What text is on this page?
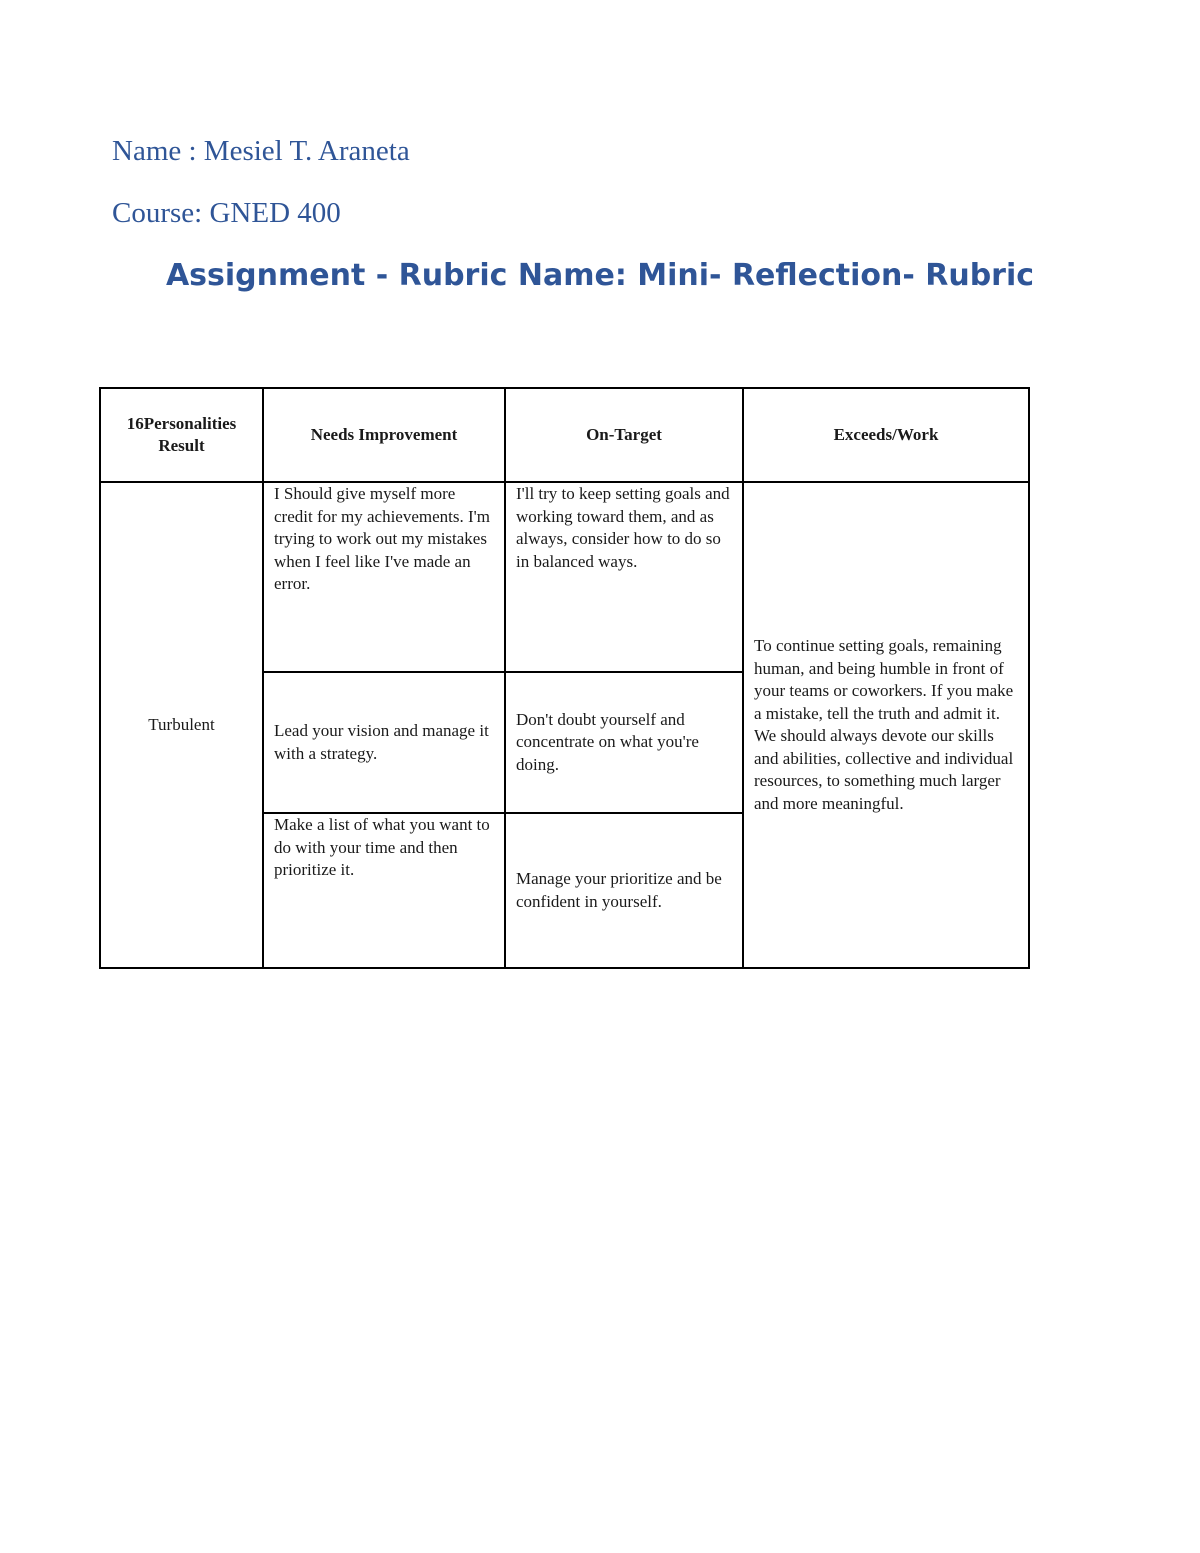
Name : Mesiel T. Araneta
Course: GNED 400
Assignment - Rubric Name: Mini- Reflection- Rubric
16Personalities Result	Needs Improvement	On-Target	Exceeds/Work
Turbulent	I Should give myself more credit for my achievements. I'm trying to work out my mistakes when I feel like I've made an error.	I'll try to keep setting goals and working toward them, and as always, consider how to do so in balanced ways.	To continue setting goals, remaining human, and being humble in front of your teams or coworkers. If you make a mistake, tell the truth and admit it. We should always devote our skills and abilities, collective and individual resources, to something much larger and more meaningful.
	Lead your vision and manage it with a strategy.	Don't doubt yourself and concentrate on what you're doing.	
	Make a list of what you want to do with your time and then prioritize it.	Manage your prioritize and be confident in yourself.	
